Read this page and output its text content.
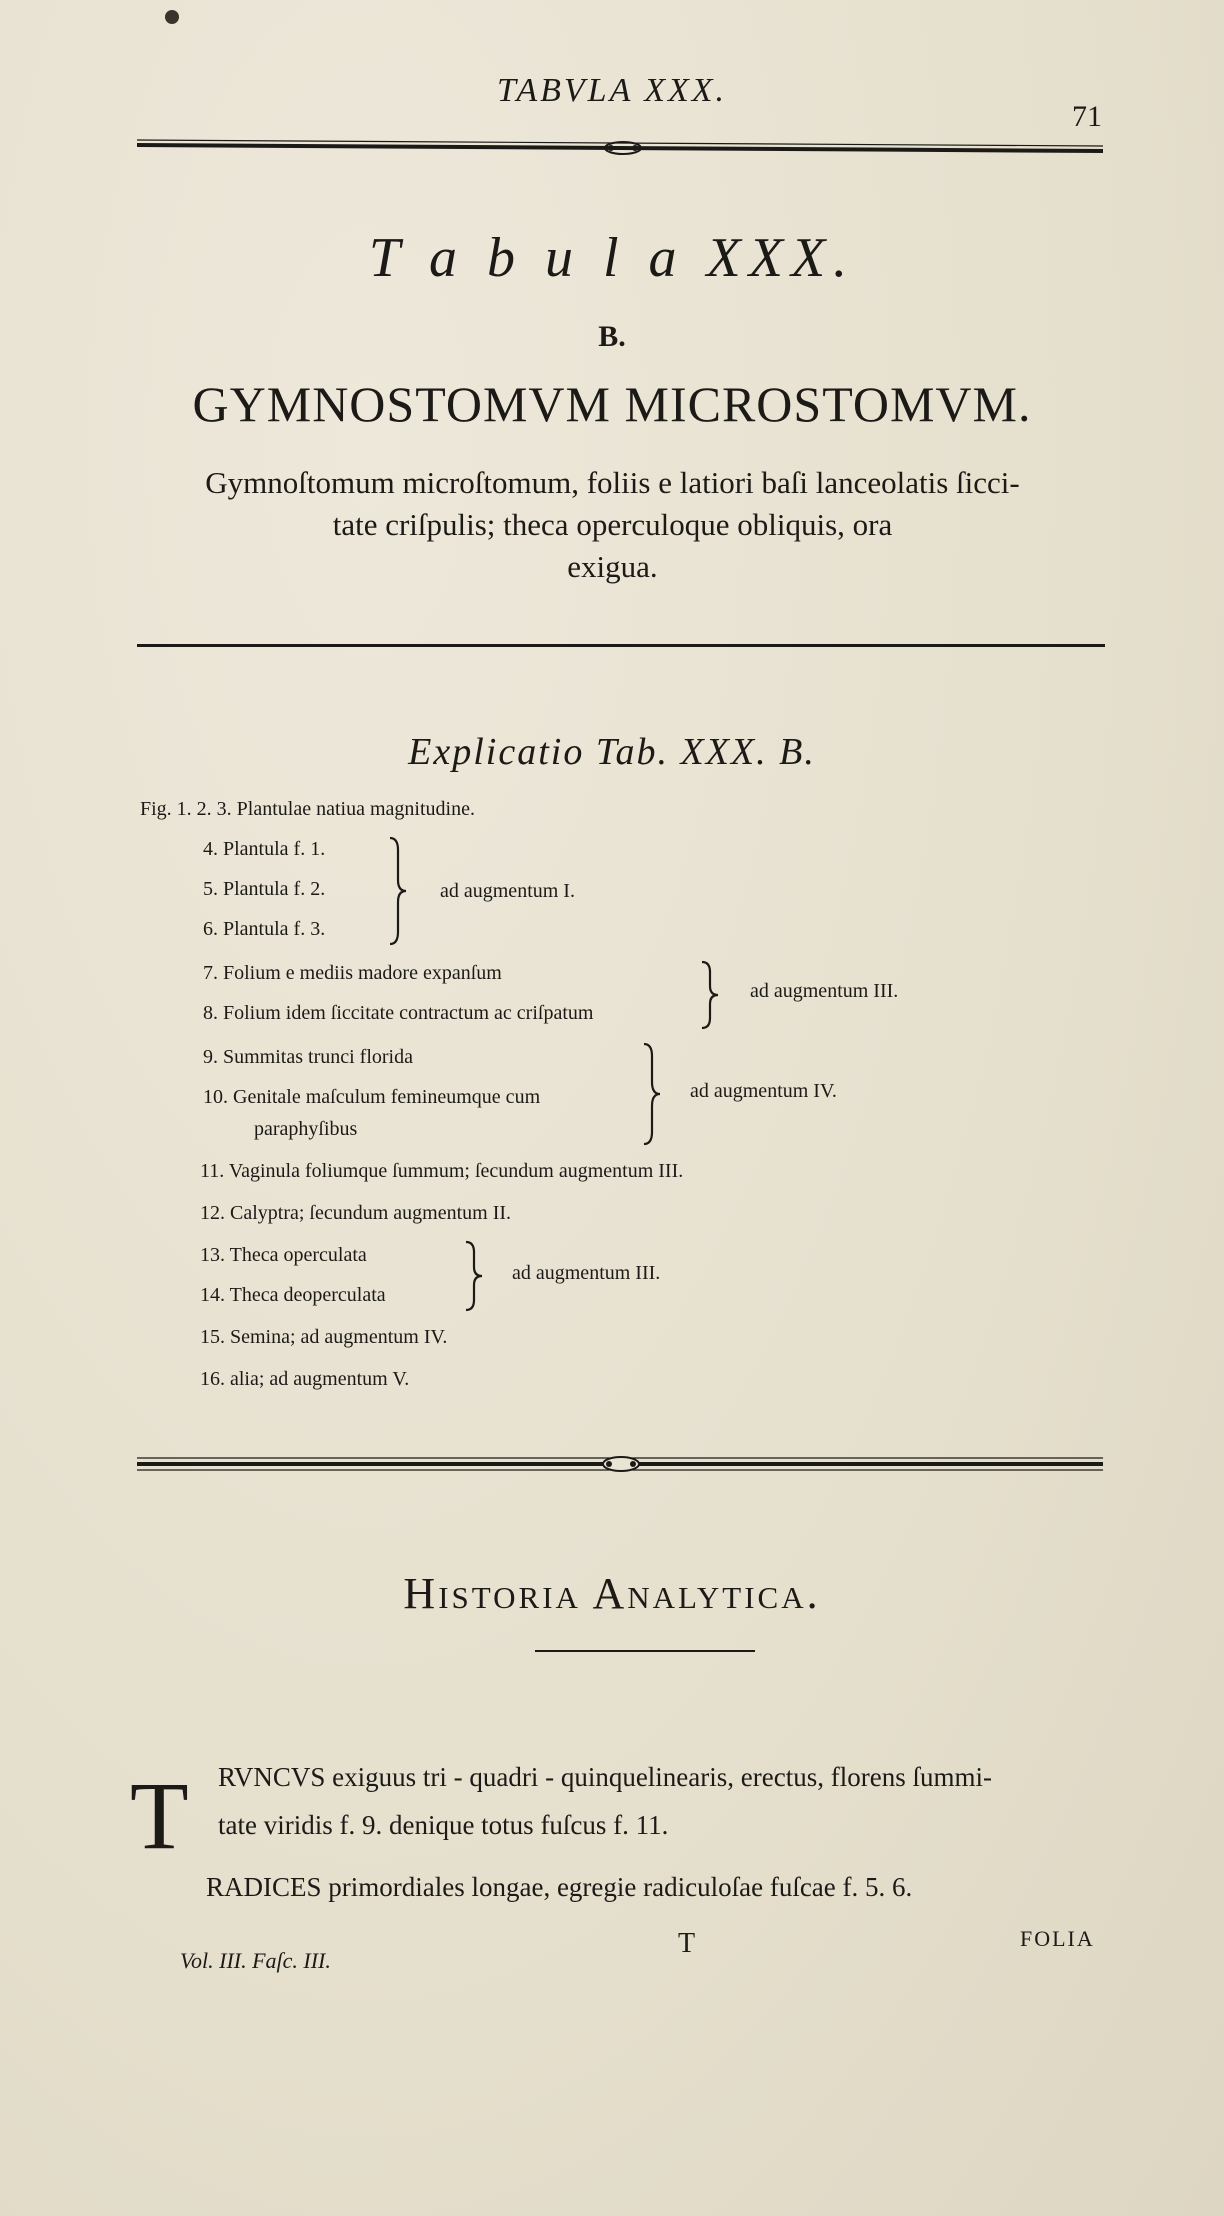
TABVLA XXX.
71
T a b u l a XXX.
B.
GYMNOSTOMVM MICROSTOMVM.
Gymnoſtomum microſtomum, foliis e latiori baſi lanceolatis ſicci-
tate criſpulis; theca operculoque obliquis, ora
exigua.
Explicatio Tab. XXX. B.
Fig. 1. 2. 3. Plantulae natiua magnitudine.
4. Plantula f. 1.
5. Plantula f. 2.
6. Plantula f. 3.
ad augmentum I.
7. Folium e mediis madore expanſum
8. Folium idem ſiccitate contractum ac criſpatum
ad augmentum III.
9. Summitas trunci florida
10. Genitale maſculum femineumque cum
paraphyſibus
ad augmentum IV.
11. Vaginula foliumque ſummum; ſecundum augmentum III.
12. Calyptra; ſecundum augmentum II.
13. Theca operculata
14. Theca deoperculata
ad augmentum III.
15. Semina; ad augmentum IV.
16. alia; ad augmentum V.
Historia Analytica.
T RVNCVS exiguus tri - quadri - quinquelinearis, erectus, florens ſummi-
tate viridis f. 9. denique totus fuſcus f. 11.
RADICES primordiales longae, egregie radiculoſae fuſcae f. 5. 6.
Vol. III. Faſc. III.
T	FOLIA
